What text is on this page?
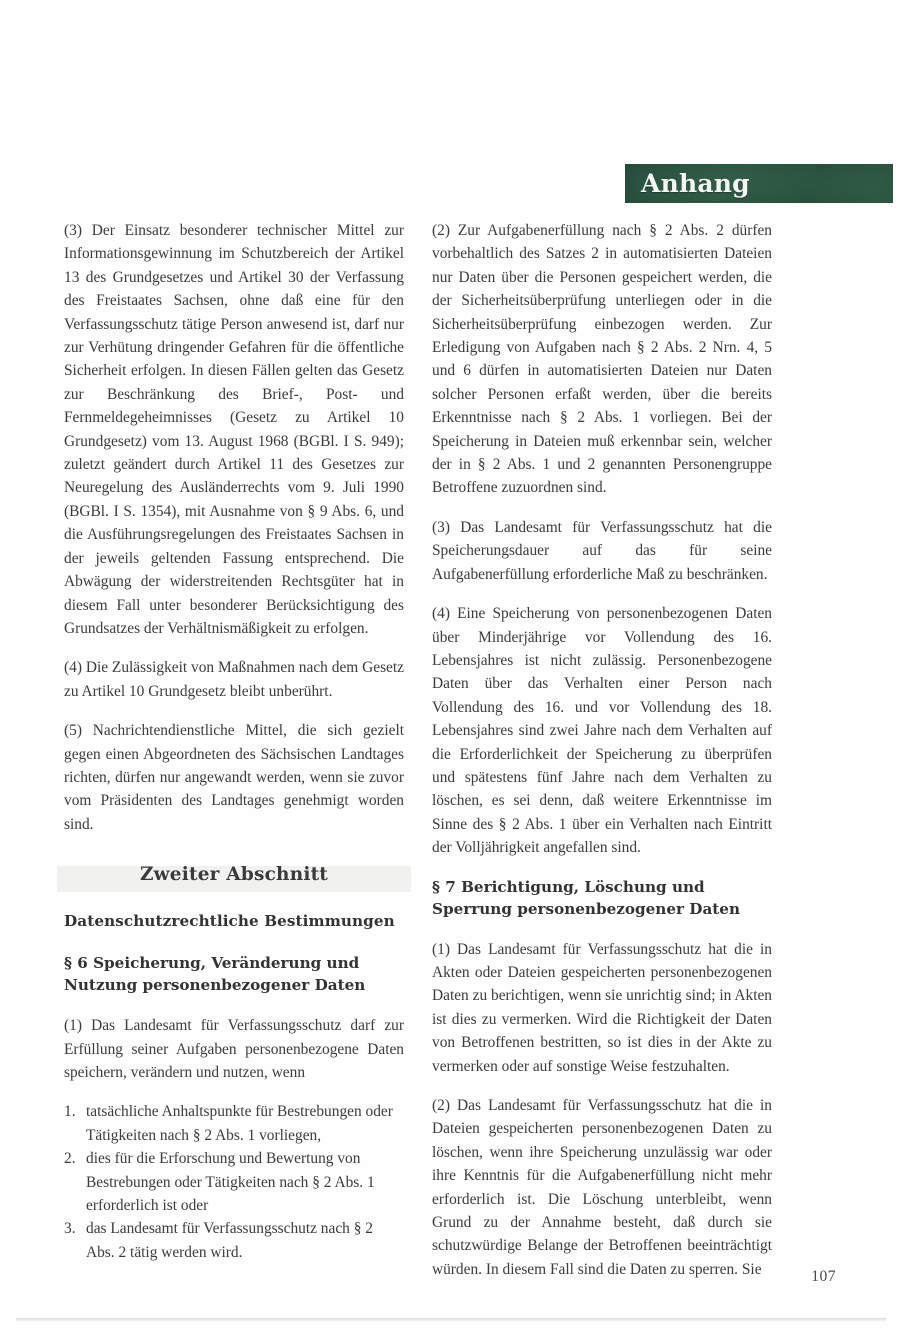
Anhang

(3) Der Einsatz besonderer technischer Mittel zur Informationsgewinnung im Schutzbereich der Artikel 13 des Grundgesetzes und Artikel 30 der Verfassung des Freistaates Sachsen, ohne daß eine für den Verfassungsschutz tätige Person anwesend ist, darf nur zur Verhütung dringender Gefahren für die öffentliche Sicherheit erfolgen. In diesen Fällen gelten das Gesetz zur Beschränkung des Brief-, Post- und Fernmeldegeheimnisses (Gesetz zu Artikel 10 Grundgesetz) vom 13. August 1968 (BGBl. I S. 949); zuletzt geändert durch Artikel 11 des Gesetzes zur Neuregelung des Ausländerrechts vom 9. Juli 1990 (BGBl. I S. 1354), mit Ausnahme von § 9 Abs. 6, und die Ausführungsregelungen des Freistaates Sachsen in der jeweils geltenden Fassung entsprechend. Die Abwägung der widerstreitenden Rechtsgüter hat in diesem Fall unter besonderer Berücksichtigung des Grundsatzes der Verhältnismäßigkeit zu erfolgen.

(4) Die Zulässigkeit von Maßnahmen nach dem Gesetz zu Artikel 10 Grundgesetz bleibt unberührt.

(5) Nachrichtendienstliche Mittel, die sich gezielt gegen einen Abgeordneten des Sächsischen Landtages richten, dürfen nur angewandt werden, wenn sie zuvor vom Präsidenten des Landtages genehmigt worden sind.

Zweiter Abschnitt
Datenschutzrechtliche Bestimmungen
§ 6 Speicherung, Veränderung und Nutzung personenbezogener Daten

(1) Das Landesamt für Verfassungsschutz darf zur Erfüllung seiner Aufgaben personenbezogene Daten speichern, verändern und nutzen, wenn

1. tatsächliche Anhaltspunkte für Bestrebungen oder Tätigkeiten nach § 2 Abs. 1 vorliegen,
2. dies für die Erforschung und Bewertung von Bestrebungen oder Tätigkeiten nach § 2 Abs. 1 erforderlich ist oder
3. das Landesamt für Verfassungsschutz nach § 2 Abs. 2 tätig werden wird.

(2) Zur Aufgabenerfüllung nach § 2 Abs. 2 dürfen vorbehaltlich des Satzes 2 in automatisierten Dateien nur Daten über die Personen gespeichert werden, die der Sicherheitsüberprüfung unterliegen oder in die Sicherheitsüberprüfung einbezogen werden. Zur Erledigung von Aufgaben nach § 2 Abs. 2 Nrn. 4, 5 und 6 dürfen in automatisierten Dateien nur Daten solcher Personen erfaßt werden, über die bereits Erkenntnisse nach § 2 Abs. 1 vorliegen. Bei der Speicherung in Dateien muß erkennbar sein, welcher der in § 2 Abs. 1 und 2 genannten Personengruppe Betroffene zuzuordnen sind.

(3) Das Landesamt für Verfassungsschutz hat die Speicherungsdauer auf das für seine Aufgabenerfüllung erforderliche Maß zu beschränken.

(4) Eine Speicherung von personenbezogenen Daten über Minderjährige vor Vollendung des 16. Lebensjahres ist nicht zulässig. Personenbezogene Daten über das Verhalten einer Person nach Vollendung des 16. und vor Vollendung des 18. Lebensjahres sind zwei Jahre nach dem Verhalten auf die Erforderlichkeit der Speicherung zu überprüfen und spätestens fünf Jahre nach dem Verhalten zu löschen, es sei denn, daß weitere Erkenntnisse im Sinne des § 2 Abs. 1 über ein Verhalten nach Eintritt der Volljährigkeit angefallen sind.

§ 7 Berichtigung, Löschung und Sperrung personenbezogener Daten

(1) Das Landesamt für Verfassungsschutz hat die in Akten oder Dateien gespeicherten personenbezogenen Daten zu berichtigen, wenn sie unrichtig sind; in Akten ist dies zu vermerken. Wird die Richtigkeit der Daten von Betroffenen bestritten, so ist dies in der Akte zu vermerken oder auf sonstige Weise festzuhalten.

(2) Das Landesamt für Verfassungsschutz hat die in Dateien gespeicherten personenbezogenen Daten zu löschen, wenn ihre Speicherung unzulässig war oder ihre Kenntnis für die Aufgabenerfüllung nicht mehr erforderlich ist. Die Löschung unterbleibt, wenn Grund zu der Annahme besteht, daß durch sie schutzwürdige Belange der Betroffenen beeinträchtigt würden. In diesem Fall sind die Daten zu sperren. Sie	107
